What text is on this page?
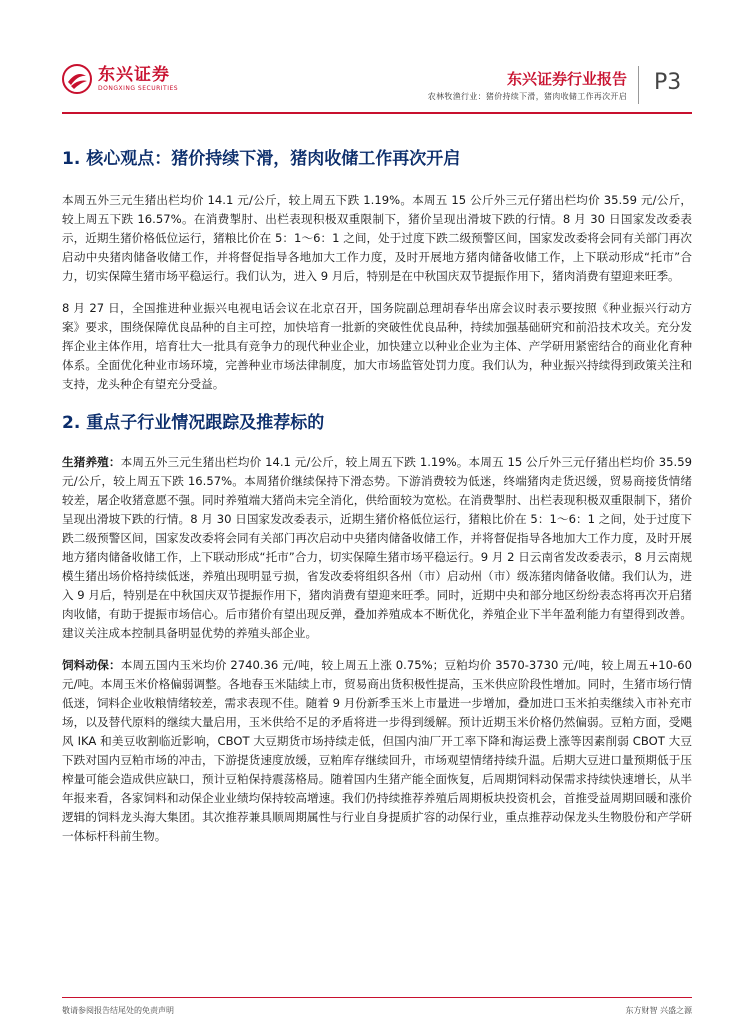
东兴证券
DONGXING SECURITIES
东兴证券行业报告
农林牧渔行业：猪价持续下滑，猪肉收储工作再次开启
P3
1. 核心观点：猪价持续下滑，猪肉收储工作再次开启

本周五外三元生猪出栏均价 14.1 元/公斤，较上周五下跌 1.19%。本周五 15 公斤外三元仔猪出栏均价 35.59 元/公斤，较上周五下跌 16.57%。在消费掣肘、出栏表现积极双重限制下，猪价呈现出滑坡下跌的行情。8 月 30 日国家发改委表示，近期生猪价格低位运行，猪粮比价在 5：1～6：1 之间，处于过度下跌二级预警区间，国家发改委将会同有关部门再次启动中央猪肉储备收储工作，并将督促指导各地加大工作力度，及时开展地方猪肉储备收储工作，上下联动形成“托市”合力，切实保障生猪市场平稳运行。我们认为，进入 9 月后，特别是在中秋国庆双节提振作用下，猪肉消费有望迎来旺季。

8 月 27 日，全国推进种业振兴电视电话会议在北京召开，国务院副总理胡春华出席会议时表示要按照《种业振兴行动方案》要求，围绕保障优良品种的自主可控，加快培育一批新的突破性优良品种，持续加强基础研究和前沿技术攻关。充分发挥企业主体作用，培育壮大一批具有竞争力的现代种业企业，加快建立以种业企业为主体、产学研用紧密结合的商业化育种体系。全面优化种业市场环境，完善种业市场法律制度，加大市场监管处罚力度。我们认为，种业振兴持续得到政策关注和支持，龙头种企有望充分受益。

2. 重点子行业情况跟踪及推荐标的

生猪养殖：本周五外三元生猪出栏均价 14.1 元/公斤，较上周五下跌 1.19%。本周五 15 公斤外三元仔猪出栏均价 35.59 元/公斤，较上周五下跌 16.57%。本周猪价继续保持下滑态势。下游消费较为低迷，终端猪肉走货迟缓，贸易商接货情绪较差，屠企收猪意愿不强。同时养殖端大猪尚未完全消化，供给面较为宽松。在消费掣肘、出栏表现积极双重限制下，猪价呈现出滑坡下跌的行情。8 月 30 日国家发改委表示，近期生猪价格低位运行，猪粮比价在 5：1～6：1 之间，处于过度下跌二级预警区间，国家发改委将会同有关部门再次启动中央猪肉储备收储工作，并将督促指导各地加大工作力度，及时开展地方猪肉储备收储工作，上下联动形成“托市”合力，切实保障生猪市场平稳运行。9 月 2 日云南省发改委表示，8 月云南规模生猪出场价格持续低迷，养殖出现明显亏损，省发改委将组织各州（市）启动州（市）级冻猪肉储备收储。我们认为，进入 9 月后，特别是在中秋国庆双节提振作用下，猪肉消费有望迎来旺季。同时，近期中央和部分地区纷纷表态将再次开启猪肉收储，有助于提振市场信心。后市猪价有望出现反弹，叠加养殖成本不断优化，养殖企业下半年盈利能力有望得到改善。建议关注成本控制具备明显优势的养殖头部企业。

饲料动保：本周五国内玉米均价 2740.36 元/吨，较上周五上涨 0.75%；豆粕均价 3570-3730 元/吨，较上周五+10-60 元/吨。本周玉米价格偏弱调整。各地春玉米陆续上市，贸易商出货积极性提高，玉米供应阶段性增加。同时，生猪市场行情低迷，饲料企业收粮情绪较差，需求表现不佳。随着 9 月份新季玉米上市量进一步增加，叠加进口玉米拍卖继续入市补充市场，以及替代原料的继续大量启用，玉米供给不足的矛盾将进一步得到缓解。预计近期玉米价格仍然偏弱。豆粕方面，受飓风 IKA 和美豆收割临近影响，CBOT 大豆期货市场持续走低，但国内油厂开工率下降和海运费上涨等因素削弱 CBOT 大豆下跌对国内豆粕市场的冲击，下游提货速度放缓，豆粕库存继续回升，市场观望情绪持续升温。后期大豆进口量预期低于压榨量可能会造成供应缺口，预计豆粕保持震荡格局。随着国内生猪产能全面恢复，后周期饲料动保需求持续快速增长，从半年报来看，各家饲料和动保企业业绩均保持较高增速。我们仍持续推荐养殖后周期板块投资机会，首推受益周期回暖和涨价逻辑的饲料龙头海大集团。其次推荐兼具顺周期属性与行业自身提质扩容的动保行业，重点推荐动保龙头生物股份和产学研一体标杆科前生物。

敬请参阅报告结尾处的免责声明	东方财智 兴盛之源
